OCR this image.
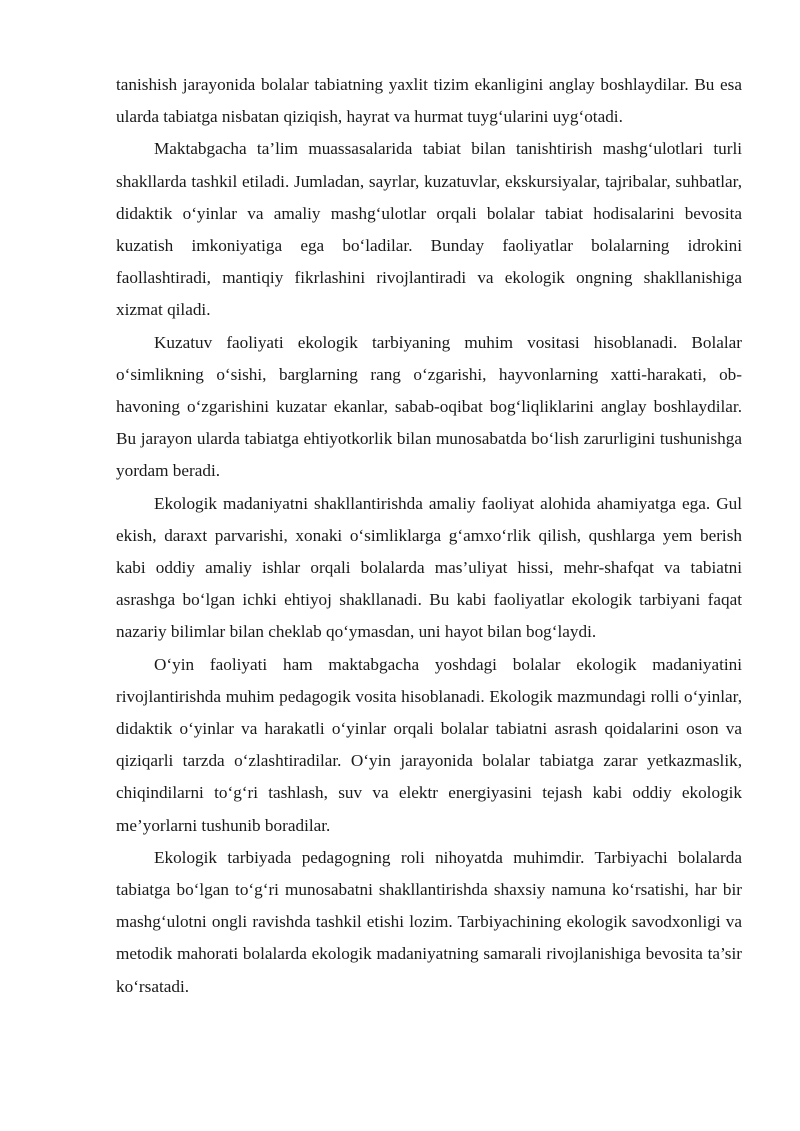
tanishish jarayonida bolalar tabiatning yaxlit tizim ekanligini anglay boshlaydilar. Bu esa ularda tabiatga nisbatan qiziqish, hayrat va hurmat tuyg‘ularini uyg‘otadi.

Maktabgacha ta’lim muassasalarida tabiat bilan tanishtirish mashg‘ulotlari turli shakllarda tashkil etiladi. Jumladan, sayrlar, kuzatuvlar, ekskursiyalar, tajribalar, suhbatlar, didaktik o‘yinlar va amaliy mashg‘ulotlar orqali bolalar tabiat hodisalarini bevosita kuzatish imkoniyatiga ega bo‘ladilar. Bunday faoliyatlar bolalarning idrokini faollashtiradi, mantiqiy fikrlashini rivojlantiradi va ekologik ongning shakllanishiga xizmat qiladi.

Kuzatuv faoliyati ekologik tarbiyaning muhim vositasi hisoblanadi. Bolalar o‘simlikning o‘sishi, barglarning rang o‘zgarishi, hayvonlarning xatti-harakati, ob-havoning o‘zgarishini kuzatar ekanlar, sabab-oqibat bog‘liqliklarini anglay boshlaydilar. Bu jarayon ularda tabiatga ehtiyotkorlik bilan munosabatda bo‘lish zarurligini tushunishga yordam beradi.

Ekologik madaniyatni shakllantirishda amaliy faoliyat alohida ahamiyatga ega. Gul ekish, daraxt parvarishi, xonaki o‘simliklarga g‘amxo‘rlik qilish, qushlarga yem berish kabi oddiy amaliy ishlar orqali bolalarda mas’uliyat hissi, mehr-shafqat va tabiatni asrashga bo‘lgan ichki ehtiyoj shakllanadi. Bu kabi faoliyatlar ekologik tarbiyani faqat nazariy bilimlar bilan cheklab qo‘ymasdan, uni hayot bilan bog‘laydi.

O‘yin faoliyati ham maktabgacha yoshdagi bolalar ekologik madaniyatini rivojlantirishda muhim pedagogik vosita hisoblanadi. Ekologik mazmundagi rolli o‘yinlar, didaktik o‘yinlar va harakatli o‘yinlar orqali bolalar tabiatni asrash qoidalarini oson va qiziqarli tarzda o‘zlashtiradilar. O‘yin jarayonida bolalar tabiatga zarar yetkazmaslik, chiqindilarni to‘g‘ri tashlash, suv va elektr energiyasini tejash kabi oddiy ekologik me’yorlarni tushunib boradilar.

Ekologik tarbiyada pedagogning roli nihoyatda muhimdir. Tarbiyachi bolalarda tabiatga bo‘lgan to‘g‘ri munosabatni shakllantirishda shaxsiy namuna ko‘rsatishi, har bir mashg‘ulotni ongli ravishda tashkil etishi lozim. Tarbiyachining ekologik savodxonligi va metodik mahorati bolalarda ekologik madaniyatning samarali rivojlanishiga bevosita ta’sir ko‘rsatadi.
